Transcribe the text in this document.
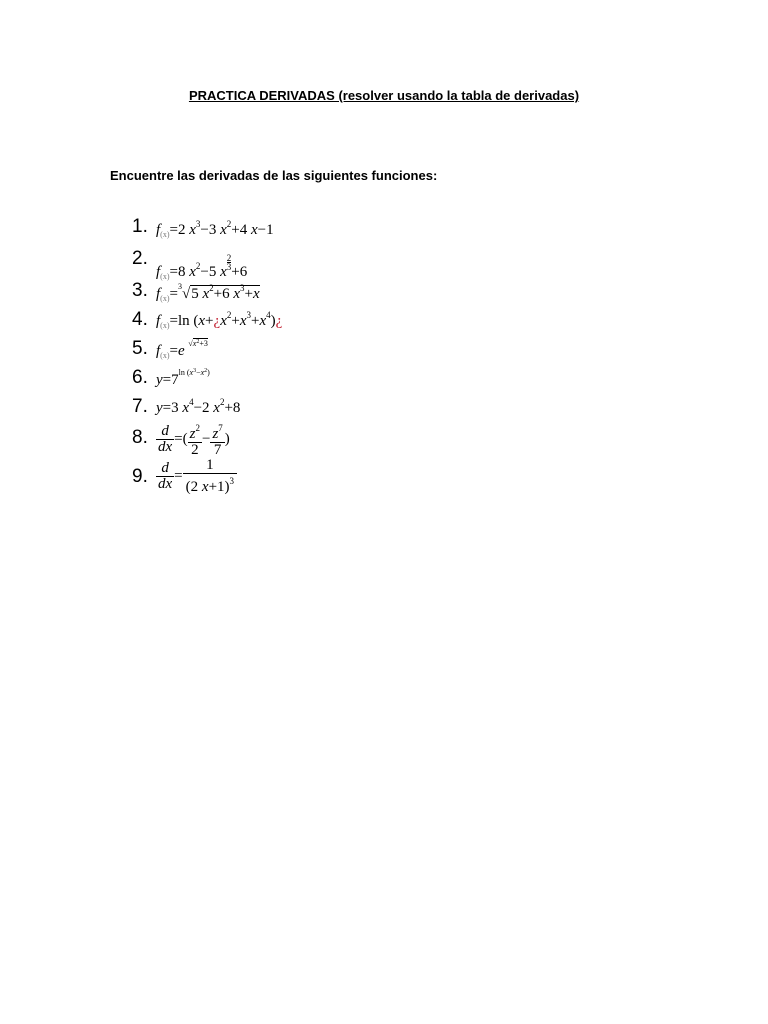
PRACTICA DERIVADAS (resolver usando la tabla de derivadas)
Encuentre las derivadas de las siguientes funciones:
1. $f_{(x)}=2$ $x^3-3$ $x^2+4$ x−1
2.
$f_{(x)}=8$ $x^2-5$ x
$\frac{2}{3}$
+6
3. $f_{(x)}=^3√5$ $x^2+6$ $x^3+x$
4. $f_{(x)}=\ln$ $(x+¿x^2+x^3+x^4)¿$
5. $f_{(x)}=e$ $^{√x^2+3}$
6. $y=7^{ln (x^3-x^2)}$
7. y=3 $x^4-2$ $x^2+8$
8. $\frac{d}{dx}$ =( $\frac{z^2}{2} - \frac{z^7}{7}$ )
9. $\frac{d}{dx} = \frac{1}{(2 x+1)^3}$
